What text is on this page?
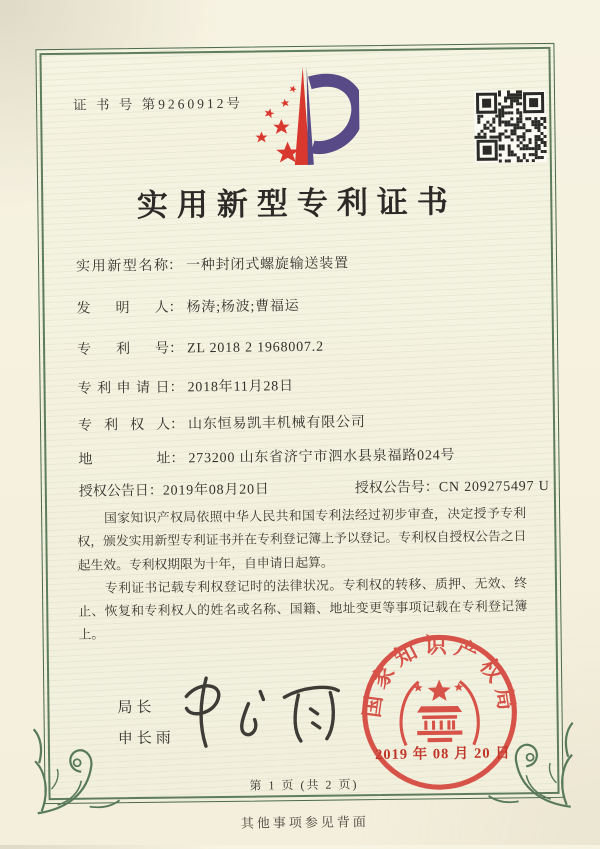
证 书 号 第9260912号
实用新型专利证书
实用新型名称： 一种封闭式螺旋输送装置
发明人： 杨涛;杨波;曹福运
专利号： ZL 2018 2 1968007.2
专利申请日： 2018年11月28日
专利权人： 山东恒易凯丰机械有限公司
地址： 273200 山东省济宁市泗水县泉福路024号
授权公告日：2019年08月20日	授权公告号：CN 209275497 U

国家知识产权局依照中华人民共和国专利法经过初步审查，决定授予专利权，颁发实用新型专利证书并在专利登记簿上予以登记。专利权自授权公告之日起生效。专利权期限为十年，自申请日起算。

专利证书记载专利权登记时的法律状况。专利权的转移、质押、无效、终止、恢复和专利权人的姓名或名称、国籍、地址变更等事项记载在专利登记簿上。

局长
申长雨
国家知识产权局
2019 年 08 月 20 日
第 1 页 (共 2 页)
其他事项参见背面
